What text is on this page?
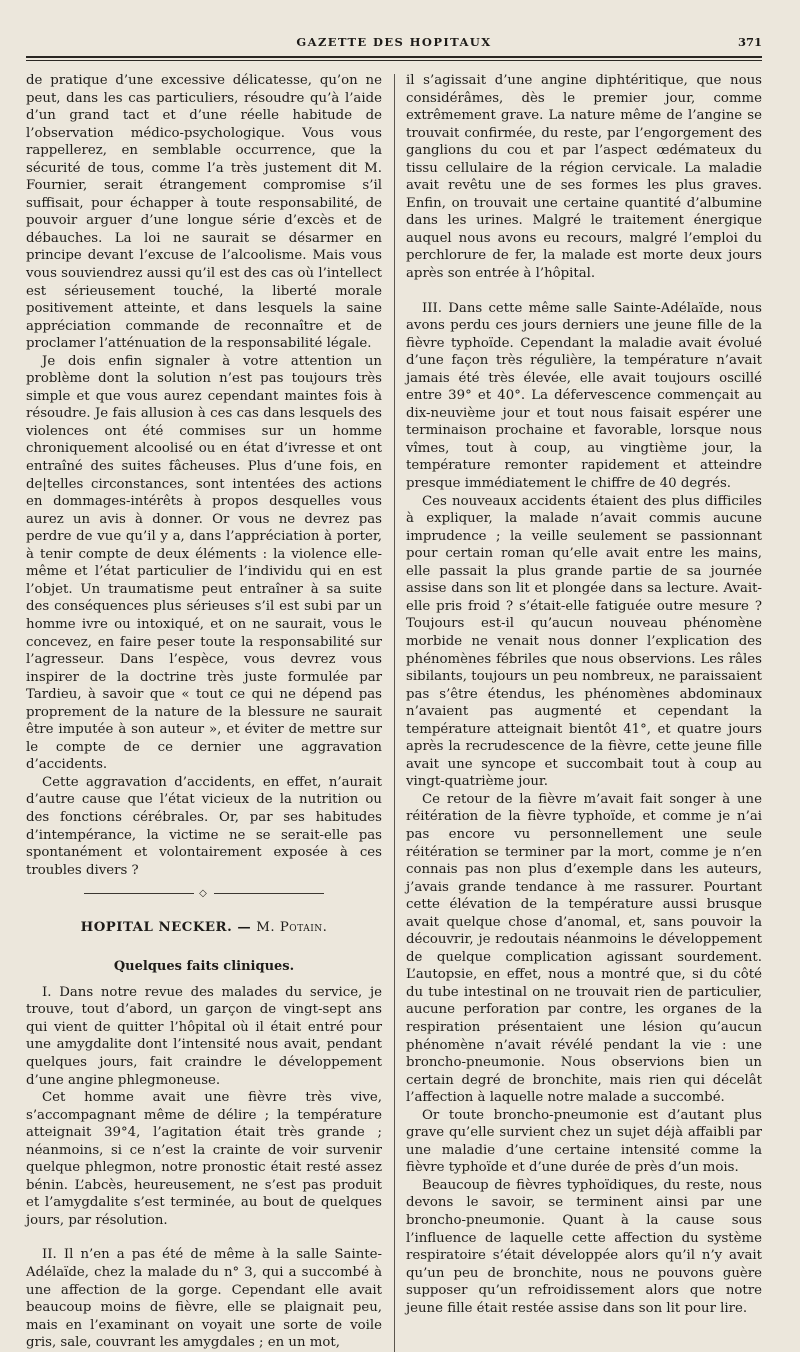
GAZETTE DES HOPITAUX	371

de pratique d’une excessive délicatesse, qu’on ne peut, dans les cas particuliers, résoudre qu’à l’aide d’un grand tact et d’une réelle habitude de l’observation médico-psychologique. Vous vous rappellerez, en semblable occurrence, que la sécurité de tous, comme l’a très justement dit M. Fournier, serait étrangement compromise s’il suffisait, pour échapper à toute responsabilité, de pouvoir arguer d’une longue série d’excès et de débauches. La loi ne saurait se désarmer en principe devant l’excuse de l’alcoolisme. Mais vous vous souviendrez aussi qu’il est des cas où l’intellect est sérieusement touché, la liberté morale positivement atteinte, et dans lesquels la saine appréciation commande de reconnaître et de proclamer l’atténuation de la responsabilité légale.

Je dois enfin signaler à votre attention un problème dont la solution n’est pas toujours très simple et que vous aurez cependant maintes fois à résoudre. Je fais allusion à ces cas dans lesquels des violences ont été commises sur un homme chroniquement alcoolisé ou en état d’ivresse et ont entraîné des suites fâcheuses. Plus d’une fois, en de|telles circonstances, sont intentées des actions en dommages-intérêts à propos desquelles vous aurez un avis à donner. Or vous ne devrez pas perdre de vue qu’il y a, dans l’appréciation à porter, à tenir compte de deux éléments : la violence elle-même et l’état particulier de l’individu qui en est l’objet. Un traumatisme peut entraîner à sa suite des conséquences plus sérieuses s’il est subi par un homme ivre ou intoxiqué, et on ne saurait, vous le concevez, en faire peser toute la responsabilité sur l’agresseur. Dans l’espèce, vous devrez vous inspirer de la doctrine très juste formulée par Tardieu, à savoir que « tout ce qui ne dépend pas proprement de la nature de la blessure ne saurait être imputée à son auteur », et éviter de mettre sur le compte de ce dernier une aggravation d’accidents.

Cette aggravation d’accidents, en effet, n’aurait d’autre cause que l’état vicieux de la nutrition ou des fonctions cérébrales. Or, par ses habitudes d’intempérance, la victime ne se serait-elle pas spontanément et volontairement exposée à ces troubles divers ?

◇
HOPITAL NECKER. — M. Potain.
Quelques faits cliniques.

I. Dans notre revue des malades du service, je trouve, tout d’abord, un garçon de vingt-sept ans qui vient de quitter l’hôpital où il était entré pour une amygdalite dont l’intensité nous avait, pendant quelques jours, fait craindre le développement d’une angine phlegmoneuse.

Cet homme avait une fièvre très vive, s’accompagnant même de délire ; la température atteignait 39°4, l’agitation était très grande ; néanmoins, si ce n’est la crainte de voir survenir quelque phlegmon, notre pronostic était resté assez bénin. L’abcès, heureusement, ne s’est pas produit et l’amygdalite s’est terminée, au bout de quelques jours, par résolution.

II. Il n’en a pas été de même à la salle Sainte-Adélaïde, chez la malade du n° 3, qui a succombé à une affection de la gorge. Cependant elle avait beaucoup moins de fièvre, elle se plaignait peu, mais en l’examinant on voyait une sorte de voile gris, sale, couvrant les amygdales ; en un mot,

il s’agissait d’une angine diphtéritique, que nous considérâmes, dès le premier jour, comme extrêmement grave. La nature même de l’angine se trouvait confirmée, du reste, par l’engorgement des ganglions du cou et par l’aspect œdémateux du tissu cellulaire de la région cervicale. La maladie avait revêtu une de ses formes les plus graves. Enfin, on trouvait une certaine quantité d’albumine dans les urines. Malgré le traitement énergique auquel nous avons eu recours, malgré l’emploi du perchlorure de fer, la malade est morte deux jours après son entrée à l’hôpital.

III. Dans cette même salle Sainte-Adélaïde, nous avons perdu ces jours derniers une jeune fille de la fièvre typhoïde. Cependant la maladie avait évolué d’une façon très régulière, la température n’avait jamais été très élevée, elle avait toujours oscillé entre 39° et 40°. La défervescence commençait au dix-neuvième jour et tout nous faisait espérer une terminaison prochaine et favorable, lorsque nous vîmes, tout à coup, au vingtième jour, la température remonter rapidement et atteindre presque immédiatement le chiffre de 40 degrés.

Ces nouveaux accidents étaient des plus difficiles à expliquer, la malade n’avait commis aucune imprudence ; la veille seulement se passionnant pour certain roman qu’elle avait entre les mains, elle passait la plus grande partie de sa journée assise dans son lit et plongée dans sa lecture. Avait-elle pris froid ? s’était-elle fatiguée outre mesure ? Toujours est-il qu’aucun nouveau phénomène morbide ne venait nous donner l’explication des phénomènes fébriles que nous observions. Les râles sibilants, toujours un peu nombreux, ne paraissaient pas s’être étendus, les phénomènes abdominaux n’avaient pas augmenté et cependant la température atteignait bientôt 41°, et quatre jours après la recrudescence de la fièvre, cette jeune fille avait une syncope et succombait tout à coup au vingt-quatrième jour.

Ce retour de la fièvre m’avait fait songer à une réitération de la fièvre typhoïde, et comme je n’ai pas encore vu personnellement une seule réitération se terminer par la mort, comme je n’en connais pas non plus d’exemple dans les auteurs, j’avais grande tendance à me rassurer. Pourtant cette élévation de la température aussi brusque avait quelque chose d’anomal, et, sans pouvoir la découvrir, je redoutais néanmoins le développement de quelque complication agissant sourdement. L’autopsie, en effet, nous a montré que, si du côté du tube intestinal on ne trouvait rien de particulier, aucune perforation par contre, les organes de la respiration présentaient une lésion qu’aucun phénomène n’avait révélé pendant la vie : une broncho-pneumonie. Nous observions bien un certain degré de bronchite, mais rien qui décelât l’affection à laquelle notre malade a succombé.

Or toute broncho-pneumonie est d’autant plus grave qu’elle survient chez un sujet déjà affaibli par une maladie d’une certaine intensité comme la fièvre typhoïde et d’une durée de près d’un mois.

Beaucoup de fièvres typhoïdiques, du reste, nous devons le savoir, se terminent ainsi par une broncho-pneumonie. Quant à la cause sous l’influence de laquelle cette affection du système respiratoire s’était développée alors qu’il n’y avait qu’un peu de bronchite, nous ne pouvons guère supposer qu’un refroidissement alors que notre jeune fille était restée assise dans son lit pour lire.
